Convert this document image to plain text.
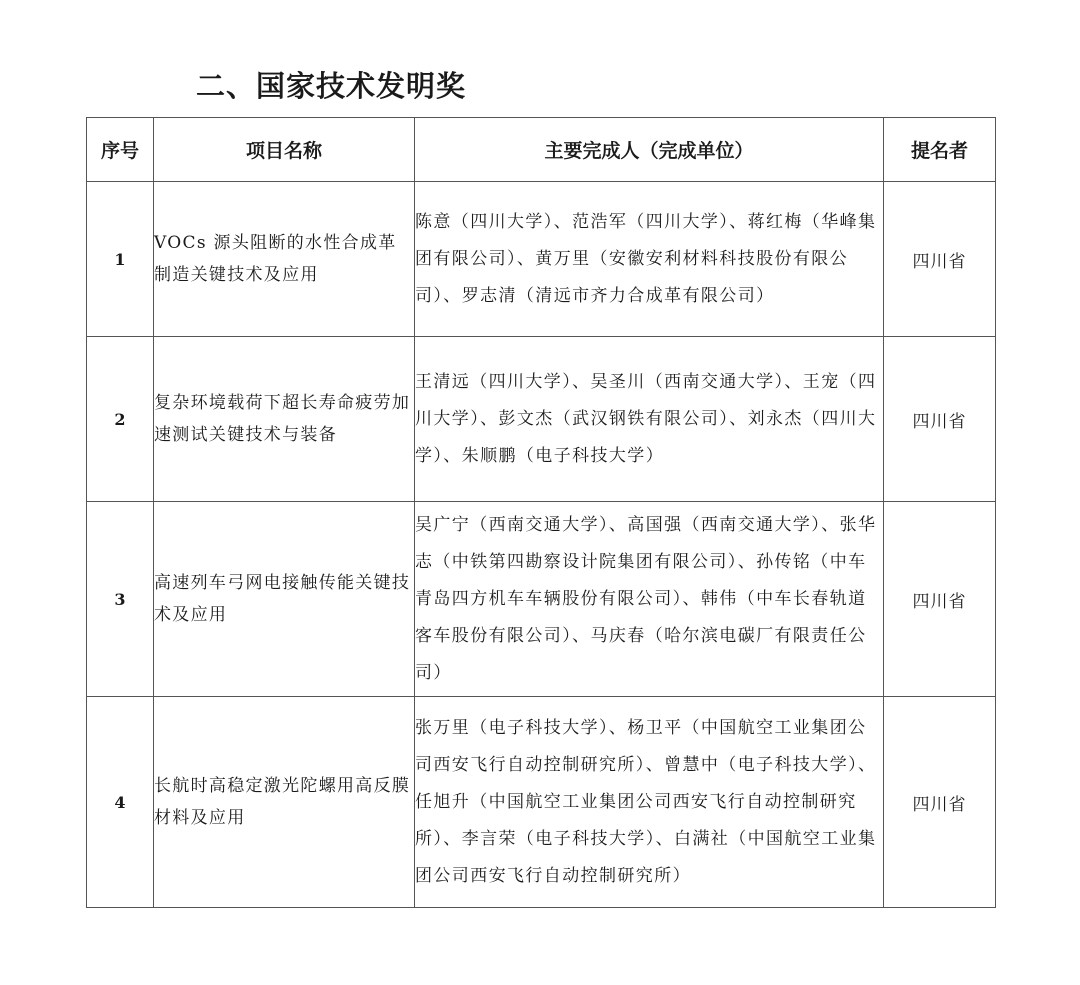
二、国家技术发明奖
序号	项目名称	主要完成人（完成单位）	提名者
1	VOCs 源头阻断的水性合成革制造关键技术及应用	陈意（四川大学）、范浩军（四川大学）、蒋红梅（华峰集团有限公司）、黄万里（安徽安利材料科技股份有限公司）、罗志清（清远市齐力合成革有限公司）	四川省
2	复杂环境载荷下超长寿命疲劳加速测试关键技术与装备	王清远（四川大学）、吴圣川（西南交通大学）、王宠（四川大学）、彭文杰（武汉钢铁有限公司）、刘永杰（四川大学）、朱顺鹏（电子科技大学）	四川省
3	高速列车弓网电接触传能关键技术及应用	吴广宁（西南交通大学）、高国强（西南交通大学）、张华志（中铁第四勘察设计院集团有限公司）、孙传铭（中车青岛四方机车车辆股份有限公司）、韩伟（中车长春轨道客车股份有限公司）、马庆春（哈尔滨电碳厂有限责任公司）	四川省
4	长航时高稳定激光陀螺用高反膜材料及应用	张万里（电子科技大学）、杨卫平（中国航空工业集团公司西安飞行自动控制研究所）、曾慧中（电子科技大学）、任旭升（中国航空工业集团公司西安飞行自动控制研究所）、李言荣（电子科技大学）、白满社（中国航空工业集团公司西安飞行自动控制研究所）	四川省
